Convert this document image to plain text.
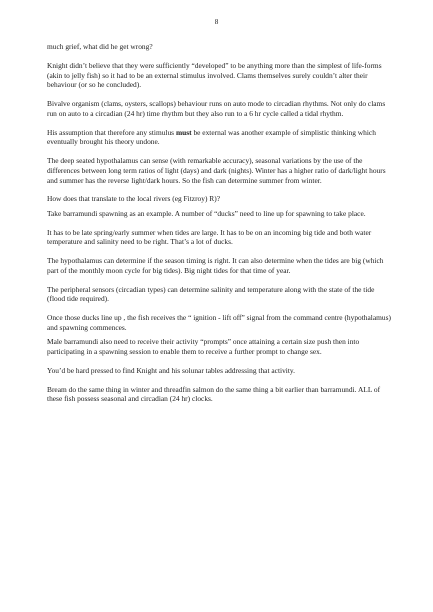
8

much grief, what did he get wrong?

Knight didn’t believe that they were sufficiently “developed” to be anything more than the simplest of life-forms (akin to jelly fish) so it had to be an external stimulus involved. Clams themselves surely couldn’t alter their behaviour (or so he concluded).

Bivalve organism (clams, oysters, scallops) behaviour runs on auto mode to circadian rhythms. Not only do clams run on auto to a circadian (24 hr) time rhythm but they also run to a 6 hr cycle called a tidal rhythm.

His assumption that therefore any stimulus must be external was another example of simplistic thinking which eventually brought his theory undone.

The deep seated hypothalamus can sense (with remarkable accuracy), seasonal variations by the use of the differences between long term ratios of light (days) and dark (nights). Winter has a higher ratio of dark/light hours and summer has the reverse light/dark hours. So the fish can determine summer from winter.

How does that translate to the local rivers (eg Fitzroy) R)?

Take barramundi spawning as an example. A number of “ducks” need to line up for spawning to take place.

It has to be late spring/early summer when tides are large. It has to be on an incoming big tide and both water temperature and salinity need to be right. That’s a lot of ducks.

The hypothalamus can determine if the season timing is right. It can also determine when the tides are big (which part of the monthly moon cycle for big tides). Big night tides for that time of year.

The peripheral sensors (circadian types) can determine salinity and temperature along with the state of the tide (flood tide required).

Once those ducks line up , the fish receives the “ ignition - lift off” signal from the command centre (hypothalamus) and spawning commences.

Male barramundi also need to receive their activity “prompts” once attaining a certain size push then into participating in a spawning session to enable them to receive a further prompt to change sex.

You’d be hard pressed to find Knight and his solunar tables addressing that activity.

Bream do the same thing in winter and threadfin salmon do the same thing a bit earlier than barramundi. ALL of these fish possess seasonal and circadian (24 hr) clocks.
